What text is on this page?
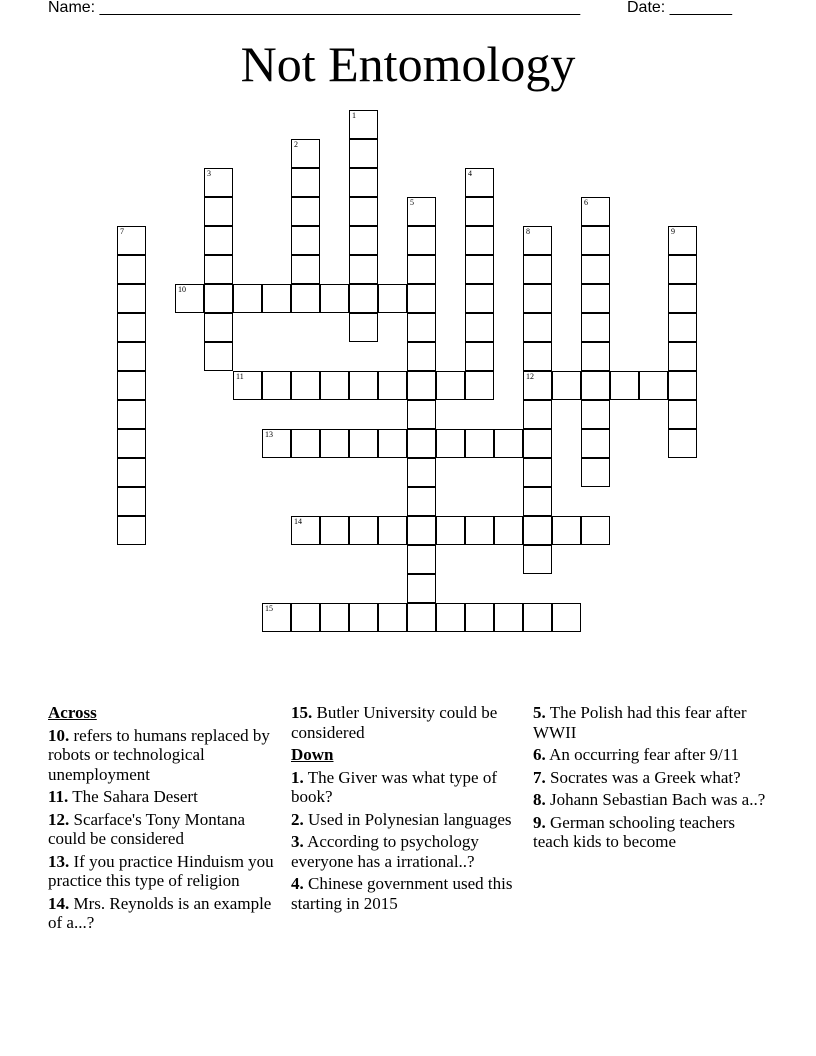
Name: ______________________________________________________	Date: _______
Not Entomology
1
2
3	4
5	6
7	8
12
9
10
11
13
14
15
Across
10. refers to humans replaced by robots or technological unemployment
11. The Sahara Desert
12. Scarface's Tony Montana could be considered
13. If you practice Hinduism you practice this type of religion
14. Mrs. Reynolds is an example of a...?
15. Butler University could be considered
Down
1. The Giver was what type of book?
2. Used in Polynesian languages
3. According to psychology everyone has a irrational..?
4. Chinese government used this starting in 2015
5. The Polish had this fear after WWII
6. An occurring fear after 9/11
7. Socrates was a Greek what?
8. Johann Sebastian Bach was a..?
9. German schooling teachers teach kids to become
